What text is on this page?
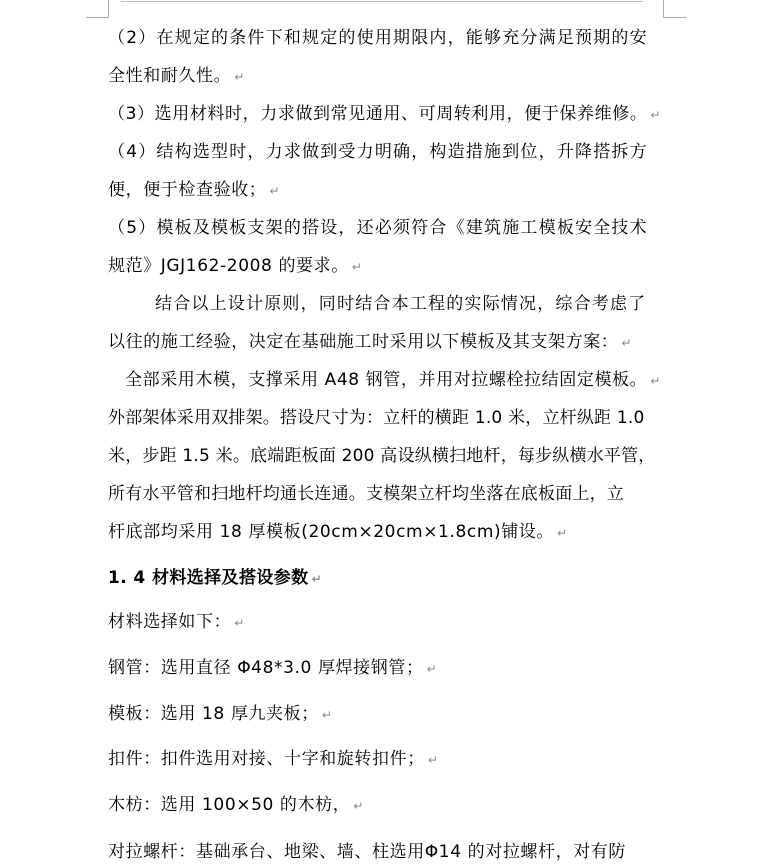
（2）在规定的条件下和规定的使用期限内，能够充分满足预期的安
全性和耐久性。 ↵
（3）选用材料时，力求做到常见通用、可周转利用，便于保养维修。 ↵
（4）结构选型时，力求做到受力明确，构造措施到位，升降搭拆方
便，便于检查验收； ↵
（5）模板及模板支架的搭设，还必须符合《建筑施工模板安全技术
规范》JGJ162-2008 的要求。 ↵
结合以上设计原则，同时结合本工程的实际情况，综合考虑了
以往的施工经验，决定在基础施工时采用以下模板及其支架方案： ↵
全部采用木模，支撑采用 A48 钢管，并用对拉螺栓拉结固定模板。 ↵
外部架体采用双排架。搭设尺寸为：立杆的横距 1.0 米，立杆纵距 1.0
米，步距 1.5 米。底端距板面 200 高设纵横扫地杆，每步纵横水平管，
所有水平管和扫地杆均通长连通。支模架立杆均坐落在底板面上，立
杆底部均采用 18 厚模板(20cm×20cm×1.8cm)铺设。 ↵
1. 4 材料选择及搭设参数 ↵
材料选择如下： ↵
钢管：选用直径 Φ48*3.0 厚焊接钢管； ↵
模板：选用 18 厚九夹板； ↵
扣件：扣件选用对接、十字和旋转扣件； ↵
木枋：选用 100×50 的木枋， ↵
对拉螺杆：基础承台、地梁、墙、柱选用Φ14 的对拉螺杆，对有防
